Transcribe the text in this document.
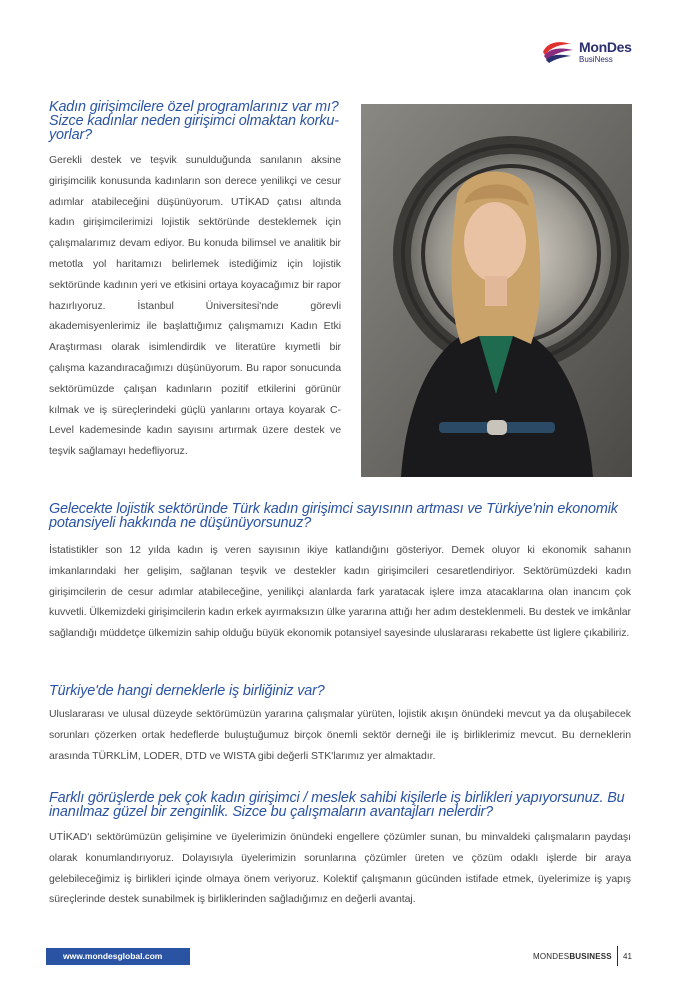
MonDes
BusiNess
Kadın girişimcilere özel programlarınız var mı? Sizce kadınlar neden girişimci olmaktan korku-yorlar?
Gerekli destek ve teşvik sunulduğunda sanılanın aksine girişimcilik konusunda kadınların son derece yenilikçi ve cesur adımlar atabileceğini düşünüyorum. UTİKAD çatısı altında kadın girişimcilerimizi lojistik sektöründe desteklemek için çalışmalarımız devam ediyor. Bu konuda bilimsel ve analitik bir metotla yol haritamızı belirlemek istediğimiz için lojistik sektöründe kadının yeri ve etkisini ortaya koyacağımız bir rapor hazırlıyoruz. İstanbul Üniversitesi'nde görevli akademisyenlerimiz ile başlattığımız çalışmamızı Kadın Etki Araştırması olarak isimlendirdik ve literatüre kıymetli bir çalışma kazandıracağımızı düşünüyorum. Bu rapor sonucunda sektörümüzde çalışan kadınların pozitif etkilerini görünür kılmak ve iş süreçlerindeki güçlü yanlarını ortaya koyarak C-Level kademesinde kadın sayısını artırmak üzere destek ve teşvik sağlamayı hedefliyoruz.
Gelecekte lojistik sektöründe Türk kadın girişimci sayısının artması ve Türkiye'nin ekonomik potansiyeli hakkında ne düşünüyorsunuz?
İstatistikler son 12 yılda kadın iş veren sayısının ikiye katlandığını gösteriyor. Demek oluyor ki ekonomik sahanın imkanlarındaki her gelişim, sağlanan teşvik ve destekler kadın girişimcileri cesaretlendiriyor. Sektörümüzdeki kadın girişimcilerin de cesur adımlar atabileceğine, yenilikçi alanlarda fark yaratacak işlere imza atacaklarına olan inancım çok kuvvetli. Ülkemizdeki girişimcilerin kadın erkek ayırmaksızın ülke yararına attığı her adım desteklenmeli. Bu destek ve imkânlar sağlandığı müddetçe ülkemizin sahip olduğu büyük ekonomik potansiyel sayesinde uluslararası rekabette üst liglere çıkabiliriz.
Türkiye'de hangi derneklerle iş birliğiniz var?
Uluslararası ve ulusal düzeyde sektörümüzün yararına çalışmalar yürüten, lojistik akışın önündeki mevcut ya da oluşabilecek sorunları çözerken ortak hedeflerde buluştuğumuz birçok önemli sektör derneği ile iş birliklerimiz mevcut. Bu derneklerin arasında TÜRKLİM, LODER, DTD ve WISTA gibi değerli STK'larımız yer almaktadır.
Farklı görüşlerde pek çok kadın girişimci / meslek sahibi kişilerle iş birlikleri yapıyorsunuz. Bu inanılmaz güzel bir zenginlik. Sizce bu çalışmaların avantajları nelerdir?
UTİKAD'ı sektörümüzün gelişimine ve üyelerimizin önündeki engellere çözümler sunan, bu minvaldeki çalışmaların paydaşı olarak konumlandırıyoruz. Dolayısıyla üyelerimizin sorunlarına çözümler üreten ve çözüm odaklı işlerde bir araya gelebileceğimiz iş birlikleri içinde olmaya önem veriyoruz. Kolektif çalışmanın gücünden istifade etmek, üyelerimize iş yapış süreçlerinde destek sunabilmek iş birliklerinden sağladığımız en değerli avantaj.
www.mondesglobal.com	MONDESBUSINESS 41
